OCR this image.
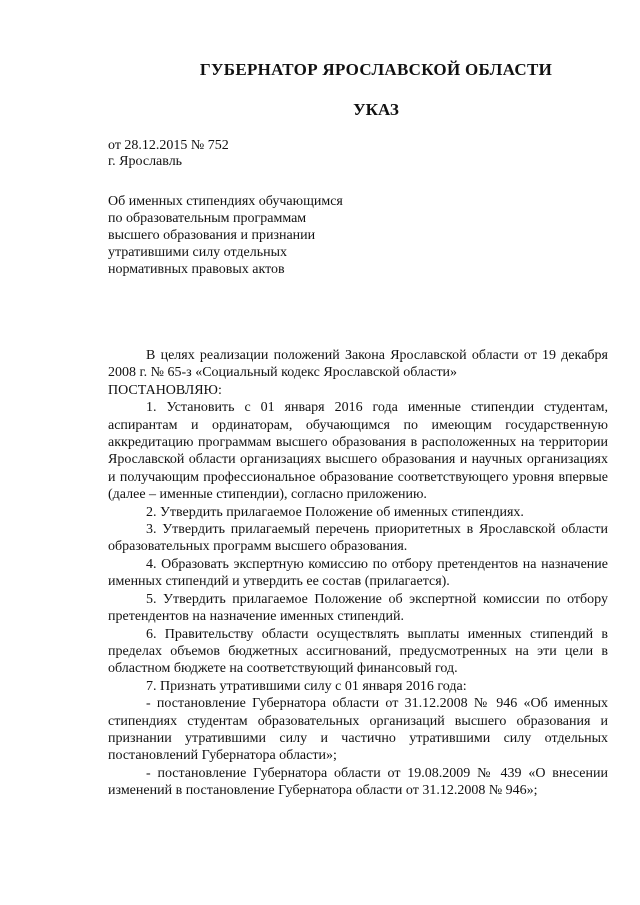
ГУБЕРНАТОР ЯРОСЛАВСКОЙ ОБЛАСТИ
УКАЗ
от 28.12.2015 № 752
г. Ярославль
Об именных стипендиях обучающимся по образовательным программам высшего образования и признании утратившими силу отдельных нормативных правовых актов

В целях реализации положений Закона Ярославской области от 19 декабря 2008 г. № 65-з «Социальный кодекс Ярославской области»

ПОСТАНОВЛЯЮ:

1. Установить с 01 января 2016 года именные стипендии студентам, аспирантам и ординаторам, обучающимся по имеющим государственную аккредитацию программам высшего образования в расположенных на территории Ярославской области организациях высшего образования и научных организациях и получающим профессиональное образование соответствующего уровня впервые (далее – именные стипендии), согласно приложению.

2. Утвердить прилагаемое Положение об именных стипендиях.

3. Утвердить прилагаемый перечень приоритетных в Ярославской области образовательных программ высшего образования.

4. Образовать экспертную комиссию по отбору претендентов на назначение именных стипендий и утвердить ее состав (прилагается).

5. Утвердить прилагаемое Положение об экспертной комиссии по отбору претендентов на назначение именных стипендий.

6. Правительству области осуществлять выплаты именных стипендий в пределах объемов бюджетных ассигнований, предусмотренных на эти цели в областном бюджете на соответствующий финансовый год.

7. Признать утратившими силу с 01 января 2016 года:

- постановление Губернатора области от 31.12.2008 № 946 «Об именных стипендиях студентам образовательных организаций высшего образования и признании утратившими силу и частично утратившими силу отдельных постановлений Губернатора области»;

- постановление Губернатора области от 19.08.2009 № 439 «О внесении изменений в постановление Губернатора области от 31.12.2008 № 946»;
